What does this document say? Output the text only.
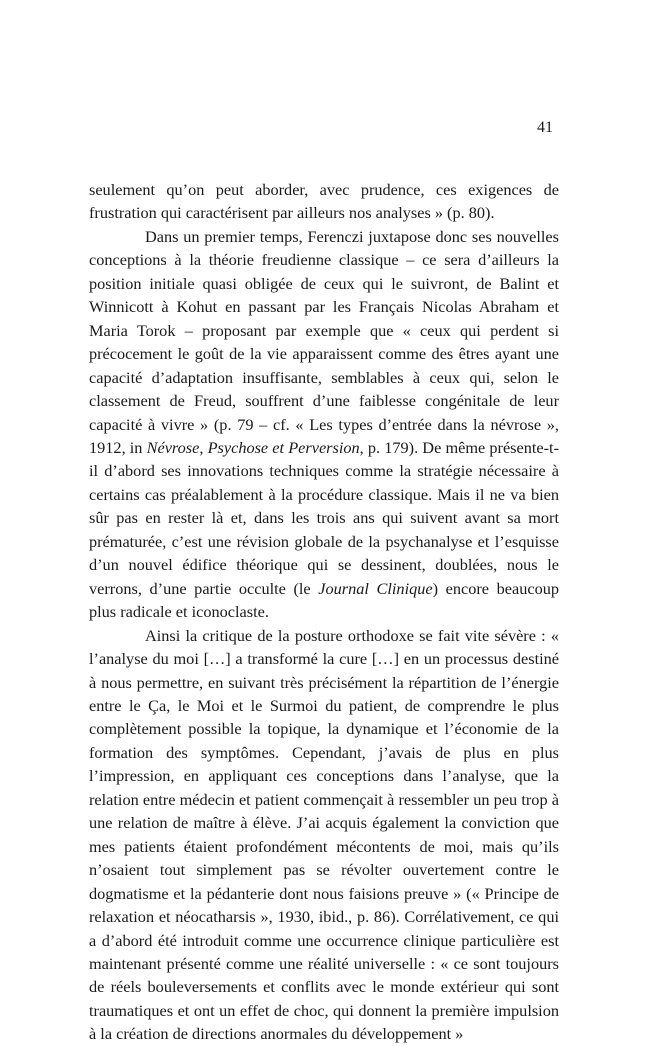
41

seulement qu’on peut aborder, avec prudence, ces exigences de frustration qui caractérisent par ailleurs nos analyses » (p. 80).

Dans un premier temps, Ferenczi juxtapose donc ses nouvelles conceptions à la théorie freudienne classique – ce sera d’ailleurs la position initiale quasi obligée de ceux qui le suivront, de Balint et Winnicott à Kohut en passant par les Français Nicolas Abraham et Maria Torok – proposant par exemple que « ceux qui perdent si précocement le goût de la vie apparaissent comme des êtres ayant une capacité d’adaptation insuffisante, semblables à ceux qui, selon le classement de Freud, souffrent d’une faiblesse congénitale de leur capacité à vivre » (p. 79 – cf. « Les types d’entrée dans la névrose », 1912, in Névrose, Psychose et Perversion, p. 179). De même présente-t-il d’abord ses innovations techniques comme la stratégie nécessaire à certains cas préalablement à la procédure classique. Mais il ne va bien sûr pas en rester là et, dans les trois ans qui suivent avant sa mort prématurée, c’est une révision globale de la psychanalyse et l’esquisse d’un nouvel édifice théorique qui se dessinent, doublées, nous le verrons, d’une partie occulte (le Journal Clinique) encore beaucoup plus radicale et iconoclaste.

Ainsi la critique de la posture orthodoxe se fait vite sévère : « l’analyse du moi […] a transformé la cure […] en un processus destiné à nous permettre, en suivant très précisément la répartition de l’énergie entre le Ça, le Moi et le Surmoi du patient, de comprendre le plus complètement possible la topique, la dynamique et l’économie de la formation des symptômes. Cependant, j’avais de plus en plus l’impression, en appliquant ces conceptions dans l’analyse, que la relation entre médecin et patient commençait à ressembler un peu trop à une relation de maître à élève. J’ai acquis également la conviction que mes patients étaient profondément mécontents de moi, mais qu’ils n’osaient tout simplement pas se révolter ouvertement contre le dogmatisme et la pédanterie dont nous faisions preuve » (« Principe de relaxation et néocatharsis », 1930, ibid., p. 86). Corrélativement, ce qui a d’abord été introduit comme une occurrence clinique particulière est maintenant présenté comme une réalité universelle : « ce sont toujours de réels bouleversements et conflits avec le monde extérieur qui sont traumatiques et ont un effet de choc, qui donnent la première impulsion à la création de directions anormales du développement »
